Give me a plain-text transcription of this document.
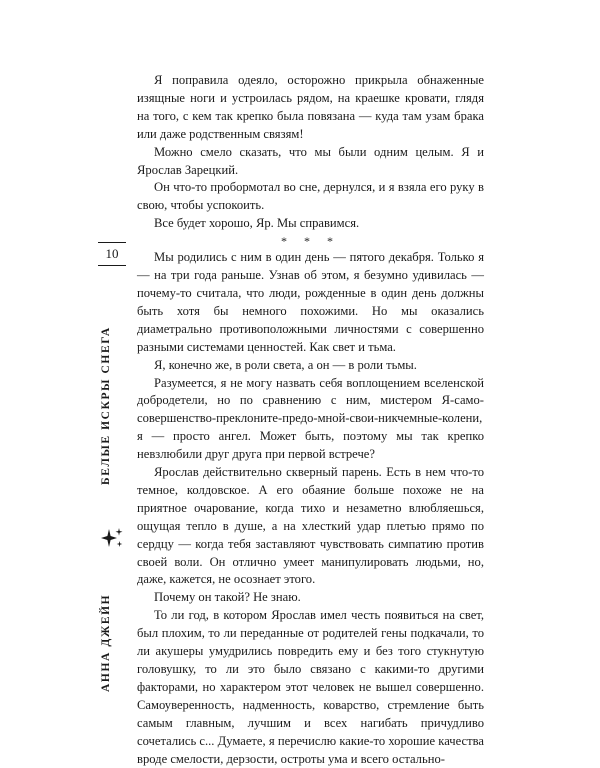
Я поправила одеяло, осторожно прикрыла обнаженные изящные ноги и устроилась рядом, на краешке кровати, глядя на того, с кем так крепко была повязана — куда там узам брака или даже родственным связям!

Можно смело сказать, что мы были одним целым. Я и Ярослав Зарецкий.

Он что-то пробормотал во сне, дернулся, и я взяла его руку в свою, чтобы успокоить.

Все будет хорошо, Яр. Мы справимся.

* * *

Мы родились с ним в один день — пятого декабря. Только я — на три года раньше. Узнав об этом, я безумно удивилась — почему-то считала, что люди, рожденные в один день должны быть хотя бы немного похожими. Но мы оказались диаметрально противоположными личностями с совершенно разными системами ценностей. Как свет и тьма.

Я, конечно же, в роли света, а он — в роли тьмы.

Разумеется, я не могу назвать себя воплощением вселенской добродетели, но по сравнению с ним, мистером Я-само-совершенство-преклоните-предо-мной-свои-никчемные-колени, я — просто ангел. Может быть, поэтому мы так крепко невзлюбили друг друга при первой встрече?

Ярослав действительно скверный парень. Есть в нем что-то темное, колдовское. А его обаяние больше похоже не на приятное очарование, когда тихо и незаметно влюбляешься, ощущая тепло в душе, а на хлесткий удар плетью прямо по сердцу — когда тебя заставляют чувствовать симпатию против своей воли. Он отлично умеет манипулировать людьми, но, даже, кажется, не осознает этого.

Почему он такой? Не знаю.

То ли год, в котором Ярослав имел честь появиться на свет, был плохим, то ли переданные от родителей гены подкачали, то ли акушеры умудрились повредить ему и без того стукнутую головушку, то ли это было связано с какими-то другими факторами, но характером этот человек не вышел совершенно. Самоуверенность, надменность, коварство, стремление быть самым главным, лучшим и всех нагибать причудливо сочетались с... Думаете, я перечислю какие-то хорошие качества вроде смелости, дерзости, остроты ума и всего остально-

10
БЕЛЫЕ ИСКРЫ СНЕГА
АННА ДЖЕЙН
